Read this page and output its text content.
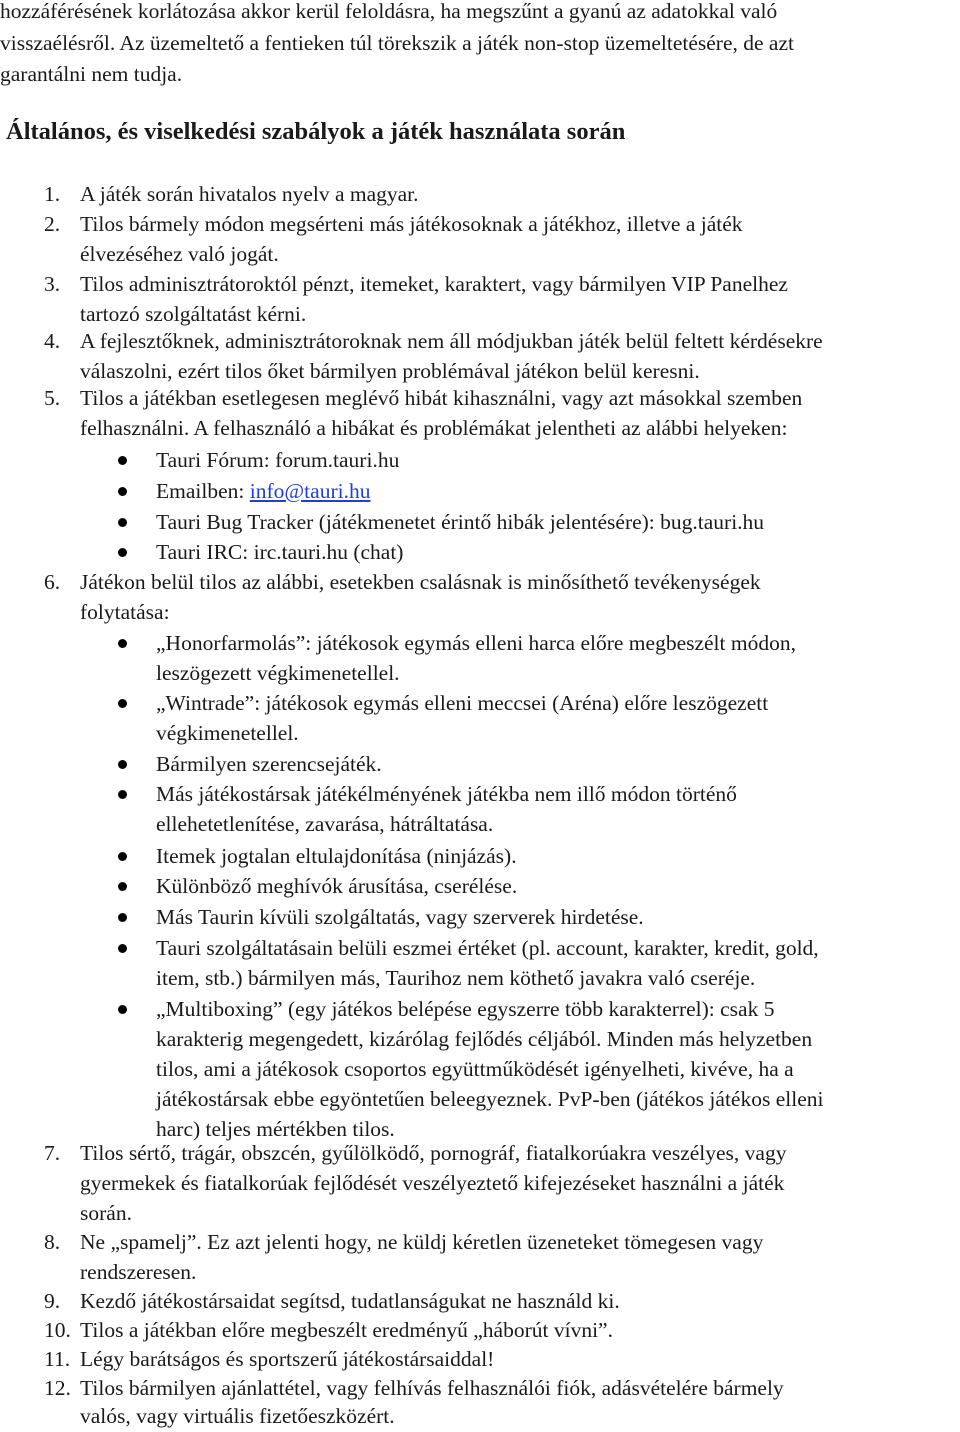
hozzáférésének korlátozása akkor kerül feloldásra, ha megszűnt a gyanú az adatokkal való
visszaélésről. Az üzemeltető a fentieken túl törekszik a játék non-stop üzemeltetésére, de azt
garantálni nem tudja.
Általános, és viselkedési szabályok a játék használata során
1. A játék során hivatalos nyelv a magyar.
2. Tilos bármely módon megsérteni más játékosoknak a játékhoz, illetve a játék
élvezéséhez való jogát.
3. Tilos adminisztrátoroktól pénzt, itemeket, karaktert, vagy bármilyen VIP Panelhez
tartozó szolgáltatást kérni.
4. A fejlesztőknek, adminisztrátoroknak nem áll módjukban játék belül feltett kérdésekre
válaszolni, ezért tilos őket bármilyen problémával játékon belül keresni.
5. Tilos a játékban esetlegesen meglévő hibát kihasználni, vagy azt másokkal szemben
felhasználni. A felhasználó a hibákat és problémákat jelentheti az alábbi helyeken:
Tauri Fórum: forum.tauri.hu
Emailben: info@tauri.hu
Tauri Bug Tracker (játékmenetet érintő hibák jelentésére): bug.tauri.hu
Tauri IRC: irc.tauri.hu (chat)
6. Játékon belül tilos az alábbi, esetekben csalásnak is minősíthető tevékenységek
folytatása:
„Honorfarmolás”: játékosok egymás elleni harca előre megbeszélt módon,
leszögezett végkimenetellel.
„Wintrade”: játékosok egymás elleni meccsei (Aréna) előre leszögezett
végkimenetellel.
Bármilyen szerencsejáték.
Más játékostársak játékélményének játékba nem illő módon történő
ellehetetlenítése, zavarása, hátráltatása.
Itemek jogtalan eltulajdonítása (ninjázás).
Különböző meghívók árusítása, cserélése.
Más Taurin kívüli szolgáltatás, vagy szerverek hirdetése.
Tauri szolgáltatásain belüli eszmei értéket (pl. account, karakter, kredit, gold,
item, stb.) bármilyen más, Taurihoz nem köthető javakra való cseréje.
„Multiboxing” (egy játékos belépése egyszerre több karakterrel): csak 5
karakterig megengedett, kizárólag fejlődés céljából. Minden más helyzetben
tilos, ami a játékosok csoportos együttműködését igényelheti, kivéve, ha a
játékostársak ebbe egyöntetűen beleegyeznek. PvP-ben (játékos játékos elleni
harc) teljes mértékben tilos.
7. Tilos sértő, trágár, obszcén, gyűlölködő, pornográf, fiatalkorúakra veszélyes, vagy
gyermekek és fiatalkorúak fejlődését veszélyeztető kifejezéseket használni a játék
során.
8. Ne „spamelj”. Ez azt jelenti hogy, ne küldj kéretlen üzeneteket tömegesen vagy
rendszeresen.
9. Kezdő játékostársaidat segítsd, tudatlanságukat ne használd ki.
10. Tilos a játékban előre megbeszélt eredményű „háborút vívni”.
11. Légy barátságos és sportszerű játékostársaiddal!
12. Tilos bármilyen ajánlattétel, vagy felhívás felhasználói fiók, adásvételére bármely
valós, vagy virtuális fizetőeszközért.
